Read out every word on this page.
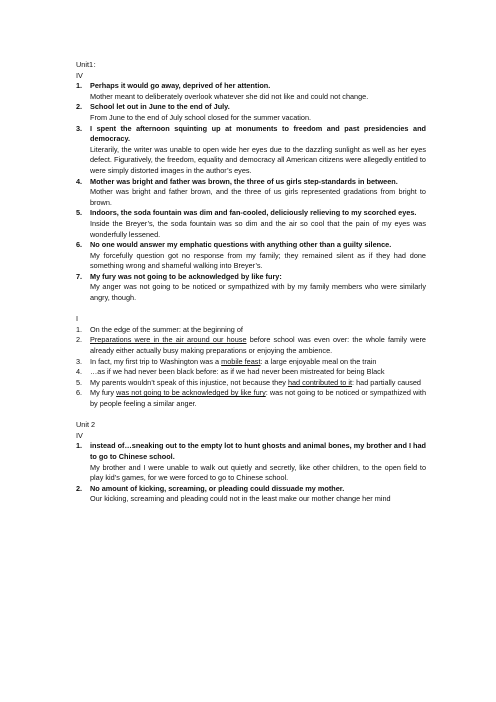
Unit1：
IV
1. Perhaps it would go away, deprived of her attention.
Mother meant to deliberately overlook whatever she did not like and could not change.
2. School let out in June to the end of July.
From June to the end of July school closed for the summer vacation.
3. I spent the afternoon squinting up at monuments to freedom and past presidencies and democracy.
Literarily, the writer was unable to open wide her eyes due to the dazzling sunlight as well as her eyes defect. Figuratively, the freedom, equality and democracy all American citizens were allegedly entitled to were simply distorted images in the author’s eyes.
4. Mother was bright and father was brown, the three of us girls step-standards in between.
Mother was bright and father brown, and the three of us girls represented gradations from bright to brown.
5. Indoors, the soda fountain was dim and fan-cooled, deliciously relieving to my scorched eyes.
Inside the Breyer’s, the soda fountain was so dim and the air so cool that the pain of my eyes was wonderfully lessened.
6. No one would answer my emphatic questions with anything other than a guilty silence.
My forcefully question got no response from my family; they remained silent as if they had done something wrong and shameful walking into Breyer’s.
7. My fury was not going to be acknowledged by like fury:
My anger was not going to be noticed or sympathized with by my family members who were similarly angry, though.
I
1. On the edge of the summer: at the beginning of
2. Preparations were in the air around our house before school was even over: the whole family were already either actually busy making preparations or enjoying the ambience.
3. In fact, my first trip to Washington was a mobile feast: a large enjoyable meal on the train
4. …as if we had never been black before: as if we had never been mistreated for being Black
5. My parents wouldn’t speak of this injustice, not because they had contributed to it: had partially caused
6. My fury was not going to be acknowledged by like fury: was not going to be noticed or sympathized with by people feeling a similar anger.
Unit 2
IV
1. instead of…sneaking out to the empty lot to hunt ghosts and animal bones, my brother and I had to go to Chinese school.
My brother and I were unable to walk out quietly and secretly, like other children, to the open field to play kid’s games, for we were forced to go to Chinese school.
2. No amount of kicking, screaming, or pleading could dissuade my mother.
Our kicking, screaming and pleading could not in the least make our mother change her mind
